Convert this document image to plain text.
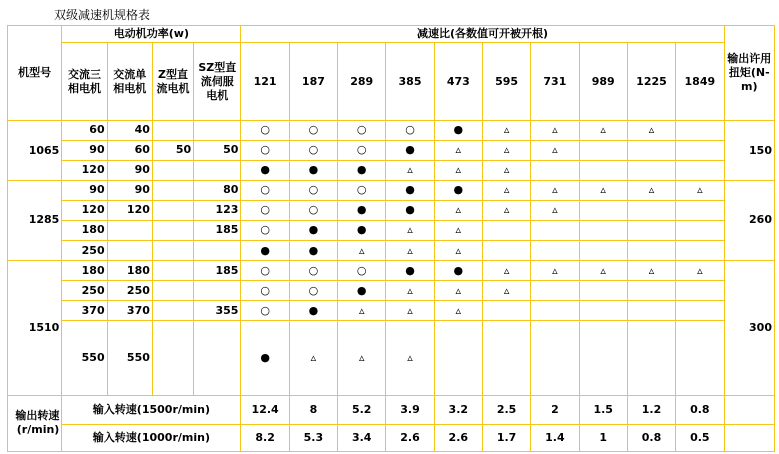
双级减速机规格表
机型号	电动机功率(w)				减速比(各数值可开被开根)										输出许用扭矩(N-m)
	交流三相电机	交流单相电机	Z型直流电机	SZ型直流伺服电机	121	187	289	385	473	595	731	989	1225	1849	
1065	60	40			○	○	○	○	●	▵	▵	▵	▵		150
	90	60	50	50	○	○	○	●	▵	▵	▵				
	120	90			●	●	●	▵	▵	▵					
1285	90	90		80	○	○	○	●	●	▵	▵	▵	▵	▵	260
	120	120		123	○	○	●	●	▵	▵	▵				
	180			185	○	●	●	▵	▵						
	250				●	●	▵	▵	▵						
1510	180	180		185	○	○	○	●	●	▵	▵	▵	▵	▵	300
	250	250			○	○	●	▵	▵	▵					
	370	370		355	○	●	▵	▵	▵						
	550	550			●	▵	▵	▵							
输出转速(r/min)	输入转速(1500r/min)				12.4	8	5.2	3.9	3.2	2.5	2	1.5	1.2	0.8	
	输入转速(1000r/min)				8.2	5.3	3.4	2.6	2.6	1.7	1.4	1	0.8	0.5	
